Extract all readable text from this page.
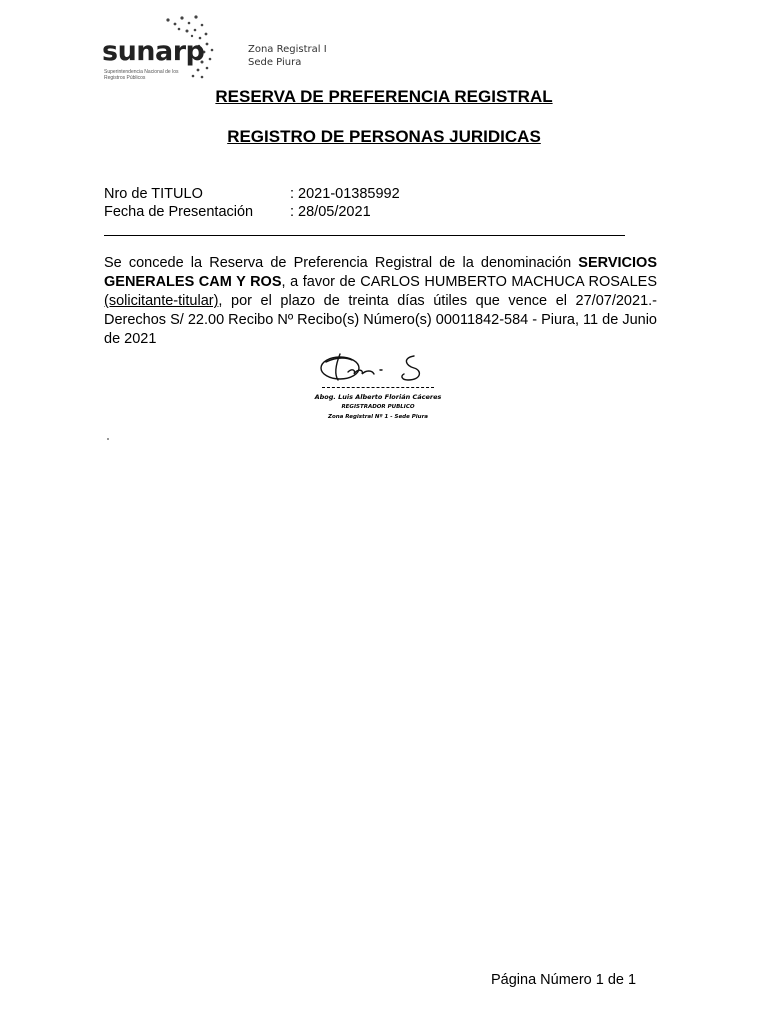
sunarp
Superintendencia Nacional de los Registros Públicos
Zona Registral I
Sede Piura
RESERVA DE PREFERENCIA REGISTRAL
REGISTRO DE PERSONAS JURIDICAS
Nro de TITULO	: 2021-01385992
Fecha de Presentación	: 28/05/2021
Se concede la Reserva de Preferencia Registral de la denominación SERVICIOS GENERALES CAM Y ROS, a favor de CARLOS HUMBERTO MACHUCA ROSALES (solicitante-titular), por el plazo de treinta días útiles que vence el 27/07/2021.-Derechos S/ 22.00 Recibo Nº Recibo(s) Número(s) 00011842-584 - Piura, 11 de Junio de 2021
Abog. Luis Alberto Florián Cáceres
REGISTRADOR PUBLICO
Zona Registral Nº 1 - Sede Piura
Página Número 1 de 1
